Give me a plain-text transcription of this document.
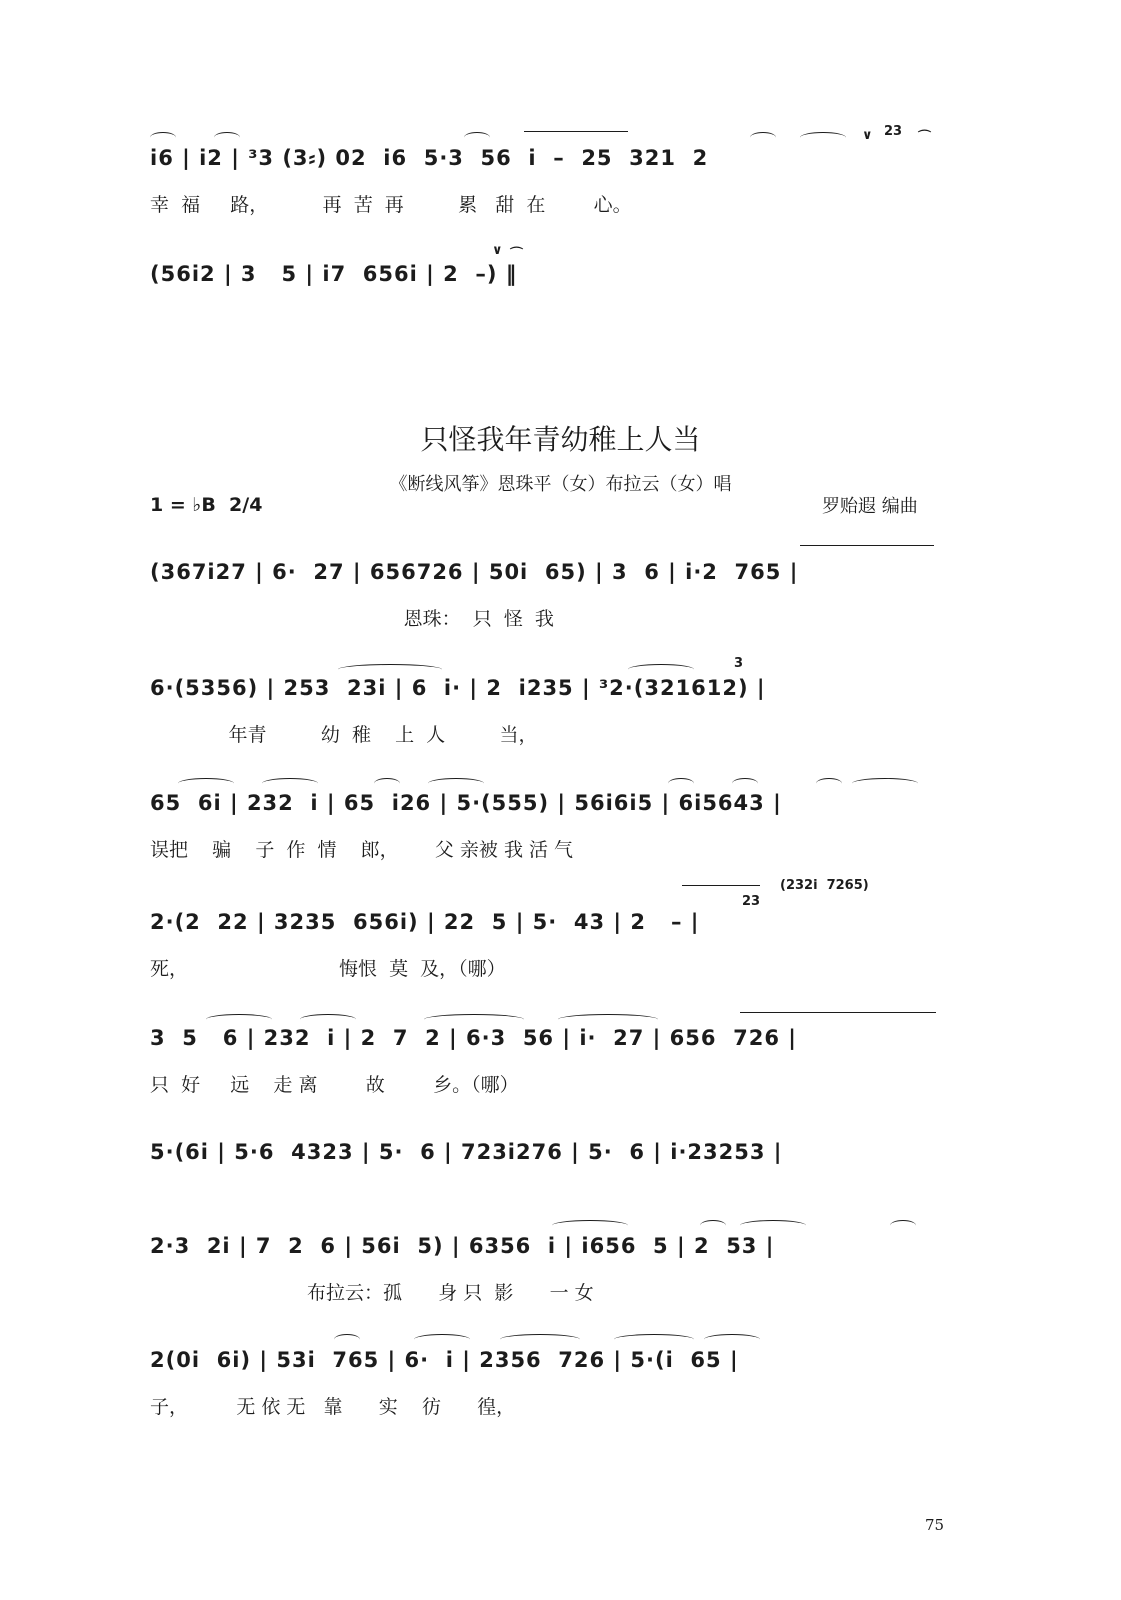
∨ 23 ⌒
i6 | i2 | ³3 (3⸗) 02  i6  5·3  56  i  –  25  321  2
幸  福     路，         再  苦  再         累   甜  在        心。
∨ ⌒
(56i2 | 3   5 | i7  656i | 2  –) ‖
只怪我年青幼稚上人当
《断线风筝》恩珠平（女）布拉云（女）唱
1 = ♭B  2/4	罗贻遐 编曲
(367i27 | 6·  27 | 656726 | 50i  65) | 3  6 | i·2  765 |
恩珠：  只  怪  我
3
6·(5356) | 253  23i | 6  i· | 2  i235 | ³2·(321612) |
年青         幼  稚    上  人         当，
65  6i | 232  i | 65  i26 | 5·(555) | 56i6i5 | 6i5643 |
误把    骗    子  作  情    郎，      父 亲被 我 活 气
(232i  7265)
23
2·(2  22 | 3235  656i) | 22  5 | 5·  43 | 2   – |
死，                         悔恨  莫  及，（哪）
3  5   6 | 232  i | 2  7  2 | 6·3  56 | i·  27 | 656  726 |
只  好     远    走 离        故        乡。（哪）
5·(6i | 5·6  4323 | 5·  6 | 723i276 | 5·  6 | i·23253 |
2·3  2i | 7  2  6 | 56i  5) | 6356  i | i656  5 | 2  53 |
布拉云：孤      身 只  影      一 女
2(0i  6i) | 53i  765 | 6·  i | 2356  726 | 5·(i  65 |
子，        无 依 无   靠      实    彷      徨，
75
